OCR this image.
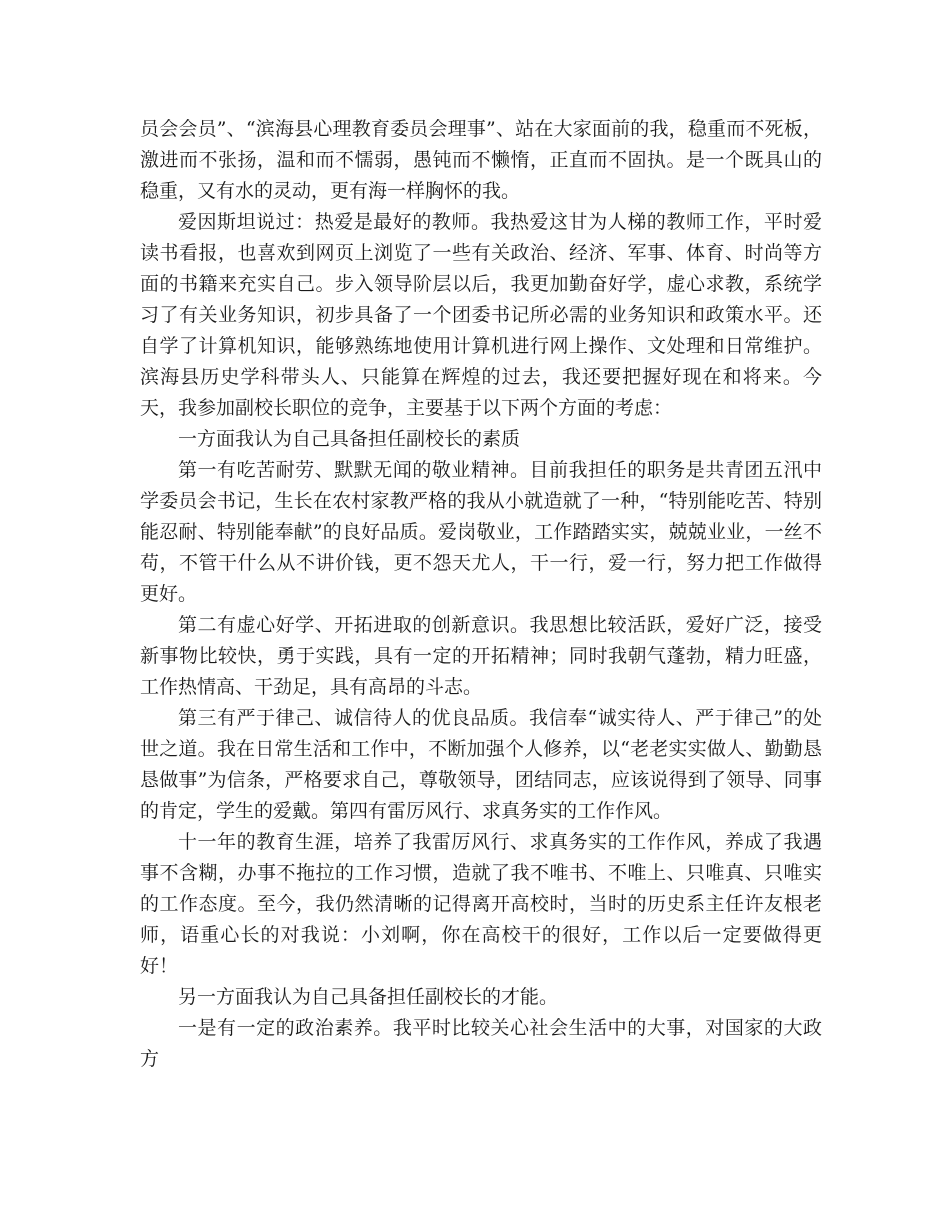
员会会员”、“滨海县心理教育委员会理事”、站在大家面前的我，稳重而不死板，激进而不张扬，温和而不懦弱，愚钝而不懒惰，正直而不固执。是一个既具山的稳重，又有水的灵动，更有海一样胸怀的我。

爱因斯坦说过：热爱是最好的教师。我热爱这甘为人梯的教师工作，平时爱读书看报，也喜欢到网页上浏览了一些有关政治、经济、军事、体育、时尚等方面的书籍来充实自己。步入领导阶层以后，我更加勤奋好学，虚心求教，系统学习了有关业务知识，初步具备了一个团委书记所必需的业务知识和政策水平。还自学了计算机知识，能够熟练地使用计算机进行网上操作、文处理和日常维护。滨海县历史学科带头人、只能算在辉煌的过去，我还要把握好现在和将来。今天，我参加副校长职位的竞争，主要基于以下两个方面的考虑：

一方面我认为自己具备担任副校长的素质

第一有吃苦耐劳、默默无闻的敬业精神。目前我担任的职务是共青团五汛中学委员会书记，生长在农村家教严格的我从小就造就了一种，“特别能吃苦、特别能忍耐、特别能奉献”的良好品质。爱岗敬业，工作踏踏实实，兢兢业业，一丝不苟，不管干什么从不讲价钱，更不怨天尤人，干一行，爱一行，努力把工作做得更好。

第二有虚心好学、开拓进取的创新意识。我思想比较活跃，爱好广泛，接受新事物比较快，勇于实践，具有一定的开拓精神；同时我朝气蓬勃，精力旺盛，工作热情高、干劲足，具有高昂的斗志。

第三有严于律己、诚信待人的优良品质。我信奉“诚实待人、严于律己”的处世之道。我在日常生活和工作中，不断加强个人修养，以“老老实实做人、勤勤恳恳做事”为信条，严格要求自己，尊敬领导，团结同志，应该说得到了领导、同事的肯定，学生的爱戴。第四有雷厉风行、求真务实的工作作风。

十一年的教育生涯，培养了我雷厉风行、求真务实的工作作风，养成了我遇事不含糊，办事不拖拉的工作习惯，造就了我不唯书、不唯上、只唯真、只唯实的工作态度。至今，我仍然清晰的记得离开高校时，当时的历史系主任许友根老师，语重心长的对我说：小刘啊，你在高校干的很好，工作以后一定要做得更好！

另一方面我认为自己具备担任副校长的才能。

一是有一定的政治素养。我平时比较关心社会生活中的大事，对国家的大政方
